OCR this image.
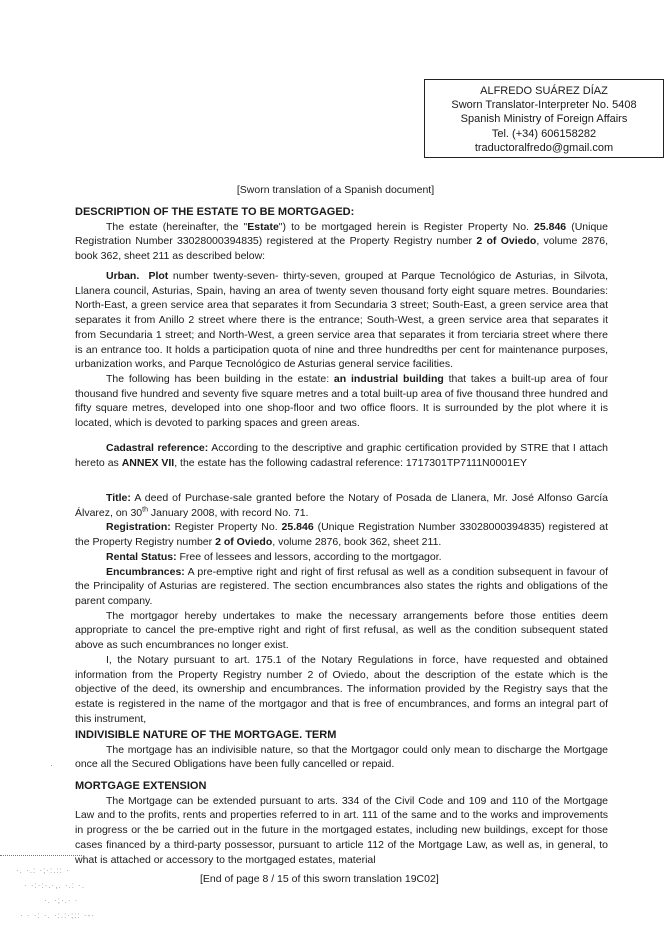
ALFREDO SUÁREZ DÍAZ
Sworn Translator-Interpreter No. 5408
Spanish Ministry of Foreign Affairs
Tel. (+34) 606158282
traductoralfredo@gmail.com
[Sworn translation of a Spanish document]

DESCRIPTION OF THE ESTATE TO BE MORTGAGED:

The estate (hereinafter, the "Estate") to be mortgaged herein is Register Property No. 25.846 (Unique Registration Number 33028000394835) registered at the Property Registry number 2 of Oviedo, volume 2876, book 362, sheet 211 as described below:

Urban. Plot number twenty-seven- thirty-seven, grouped at Parque Tecnológico de Asturias, in Silvota, Llanera council, Asturias, Spain, having an area of twenty seven thousand forty eight square metres. Boundaries: North-East, a green service area that separates it from Secundaria 3 street; South-East, a green service area that separates it from Anillo 2 street where there is the entrance; South-West, a green service area that separates it from Secundaria 1 street; and North-West, a green service area that separates it from terciaria street where there is an entrance too. It holds a participation quota of nine and three hundredths per cent for maintenance purposes, urbanization works, and Parque Tecnológico de Asturias general service facilities.

The following has been building in the estate: an industrial building that takes a built-up area of four thousand five hundred and seventy five square metres and a total built-up area of five thousand three hundred and fifty square metres, developed into one shop-floor and two office floors. It is surrounded by the plot where it is located, which is devoted to parking spaces and green areas.

Cadastral reference: According to the descriptive and graphic certification provided by STRE that I attach hereto as ANNEX VII, the estate has the following cadastral reference: 1717301TP7111N0001EY

Title: A deed of Purchase-sale granted before the Notary of Posada de Llanera, Mr. José Alfonso García Álvarez, on 30th January 2008, with record No. 71.

Registration: Register Property No. 25.846 (Unique Registration Number 33028000394835) registered at the Property Registry number 2 of Oviedo, volume 2876, book 362, sheet 211.

Rental Status: Free of lessees and lessors, according to the mortgagor.

Encumbrances: A pre-emptive right and right of first refusal as well as a condition subsequent in favour of the Principality of Asturias are registered. The section encumbrances also states the rights and obligations of the parent company.

The mortgagor hereby undertakes to make the necessary arrangements before those entities deem appropriate to cancel the pre-emptive right and right of first refusal, as well as the condition subsequent stated above as such encumbrances no longer exist.

I, the Notary pursuant to art. 175.1 of the Notary Regulations in force, have requested and obtained information from the Property Registry number 2 of Oviedo, about the description of the estate which is the objective of the deed, its ownership and encumbrances. The information provided by the Registry says that the estate is registered in the name of the mortgagor and that is free of encumbrances, and forms an integral part of this instrument,

INDIVISIBLE NATURE OF THE MORTGAGE. TERM

The mortgage has an indivisible nature, so that the Mortgagor could only mean to discharge the Mortgage once all the Secured Obligations have been fully cancelled or repaid.

MORTGAGE EXTENSION

The Mortgage can be extended pursuant to arts. 334 of the Civil Code and 109 and 110 of the Mortgage Law and to the profits, rents and properties referred to in art. 111 of the same and to the works and improvements in progress or the be carried out in the future in the mortgaged estates, including new buildings, except for those cases financed by a third-party possessor, pursuant to article 112 of the Mortgage Law, as well as, in general, to what is attached or accessory to the mortgaged estates, material

·
·. ·.: ·;·:.:: ·
· ·:·:·.·,. ·.: ·.
·. ·;·.· ·
· · ·: ·. ·:.:·;:: ·-·
[End of page 8 / 15 of this sworn translation 19C02]
